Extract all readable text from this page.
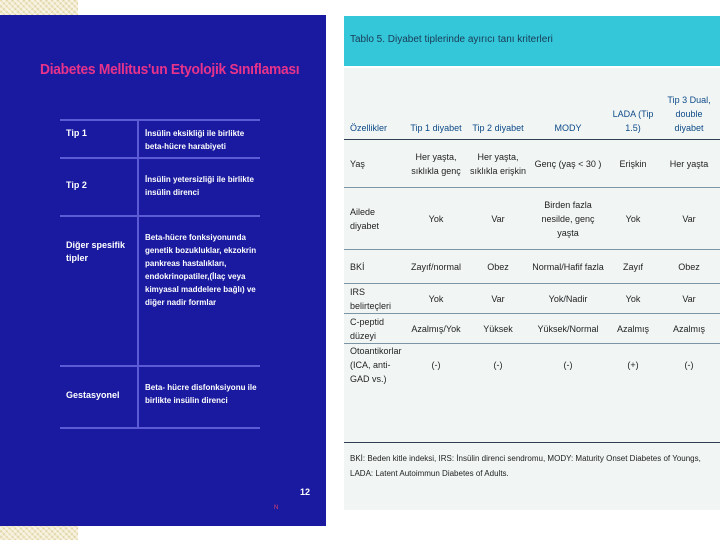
Diabetes Mellitus'un Etyolojik Sınıflaması
Tip 1	İnsülin eksikliği ile birlikte beta-hücre harabiyeti
Tip 2	İnsülin yetersizliği ile birlikte insülin direnci
Diğer spesifik tipler	Beta-hücre fonksiyonunda genetik bozukluklar, ekzokrin pankreas hastalıkları, endokrinopatiler,(İlaç veya kimyasal maddelere bağlı) ve diğer nadir formlar
Gestasyonel	Beta- hücre disfonksiyonu ile birlikte insülin direnci
12
N
Tablo 5. Diyabet tiplerinde ayırıcı tanı kriterleri
Özellikler	Tip 1 diyabet	Tip 2 diyabet	MODY	LADA (Tip 1.5)	Tip 3 Dual, double diyabet
Yaş	Her yaşta, sıklıkla genç	Her yaşta, sıklıkla erişkin	Genç (yaş < 30 )	Erişkin	Her yaşta
Ailede diyabet	Yok	Var	Birden fazla nesilde, genç yaşta	Yok	Var
BKİ	Zayıf/normal	Obez	Normal/Hafif fazla	Zayıf	Obez
IRS belirteçleri	Yok	Var	Yok/Nadir	Yok	Var
C-peptid düzeyi	Azalmış/Yok	Yüksek	Yüksek/Normal	Azalmış	Azalmış
Otoantikorlar (ICA, anti-GAD vs.)	(-)	(-)	(-)	(+)	(-)
BKİ: Beden kitle indeksi, IRS: İnsülin direnci sendromu, MODY: Maturity Onset Diabetes of Youngs, LADA: Latent Autoimmun Diabetes of Adults.
